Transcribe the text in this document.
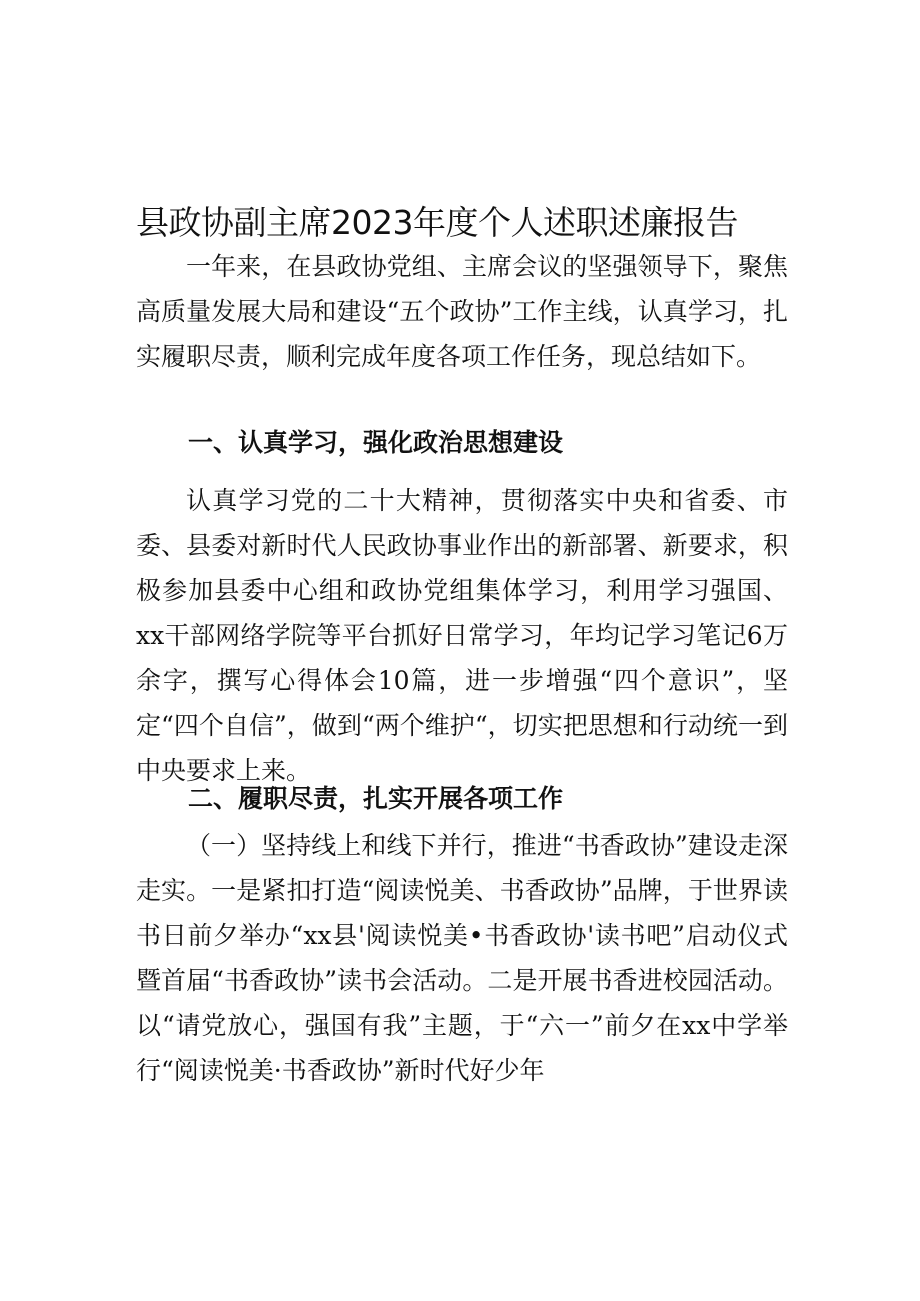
县政协副主席2023年度个人述职述廉报告

一年来，在县政协党组、主席会议的坚强领导下，聚焦高质量发展大局和建设“五个政协”工作主线，认真学习，扎实履职尽责，顺利完成年度各项工作任务，现总结如下。

一、认真学习，强化政治思想建设

认真学习党的二十大精神，贯彻落实中央和省委、市委、县委对新时代人民政协事业作出的新部署、新要求，积极参加县委中心组和政协党组集体学习，利用学习强国、xx干部网络学院等平台抓好日常学习，年均记学习笔记6万余字，撰写心得体会10篇，进一步增强“四个意识”，坚定“四个自信”，做到“两个维护“，切实把思想和行动统一到中央要求上来。

二、履职尽责，扎实开展各项工作

（一）坚持线上和线下并行，推进“书香政协”建设走深走实。一是紧扣打造“阅读悦美、书香政协”品牌，于世界读书日前夕举办“xx县'阅读悦美•书香政协'读书吧”启动仪式暨首届“书香政协”读书会活动。二是开展书香进校园活动。以“请党放心，强国有我”主题，于“六一”前夕在xx中学举行“阅读悦美·书香政协”新时代好少年
